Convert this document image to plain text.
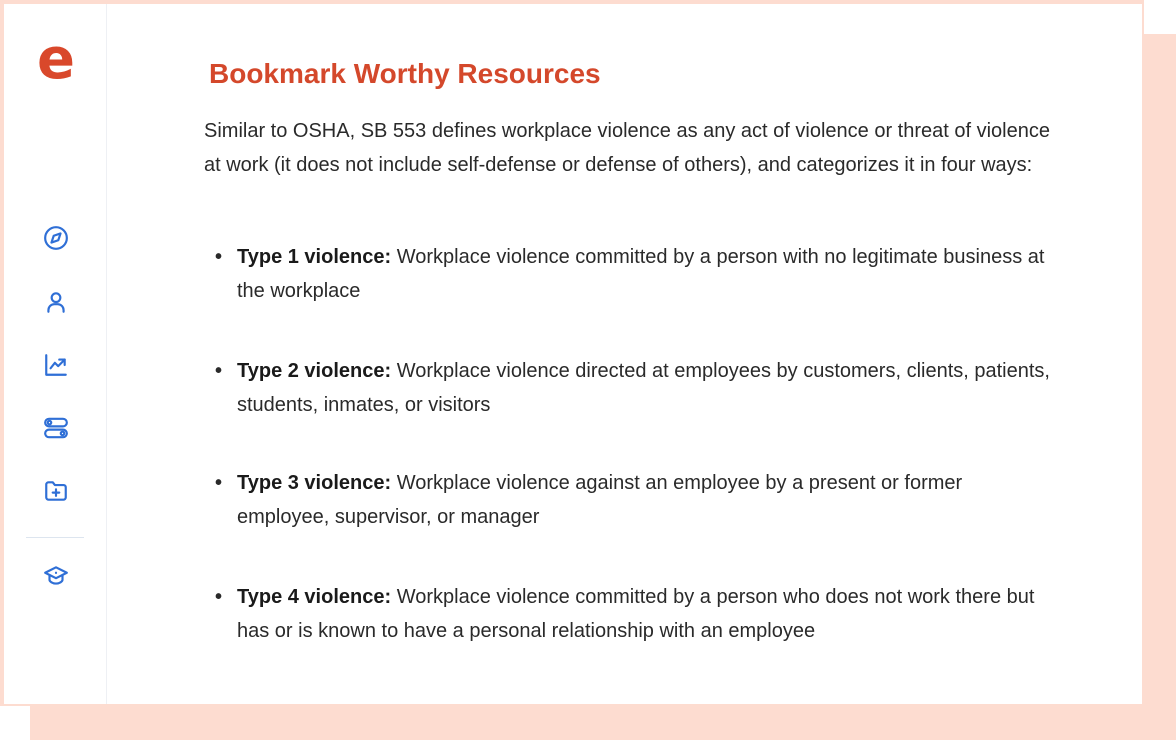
e	Bookmark Worthy Resources

Similar to OSHA, SB 553 defines workplace violence as any act of violence or threat of violence at work (it does not include self-defense or defense of others), and categorizes it in four ways:

• Type 1 violence: Workplace violence committed by a person with no legitimate business at the workplace
• Type 2 violence: Workplace violence directed at employees by customers, clients, patients, students, inmates, or visitors
• Type 3 violence: Workplace violence against an employee by a present or former employee, supervisor, or manager
• Type 4 violence: Workplace violence committed by a person who does not work there but has or is known to have a personal relationship with an employee
